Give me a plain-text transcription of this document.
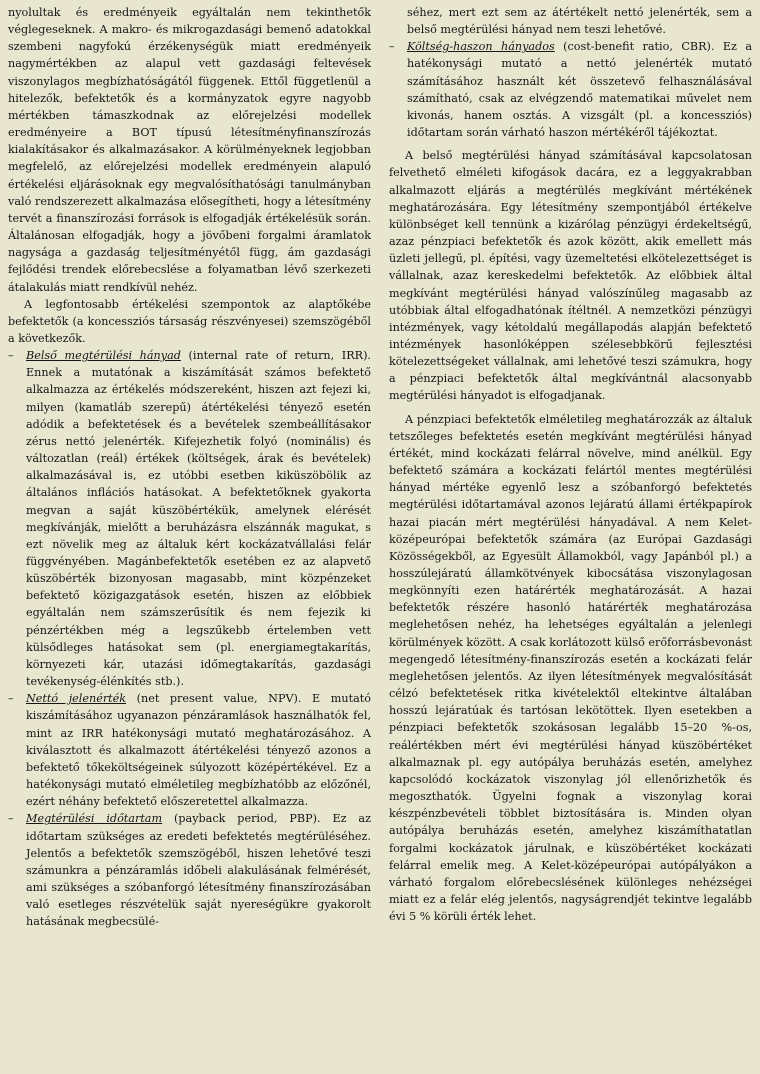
nyolultak és eredményeik egyáltalán nem tekinthetők véglegeseknek. A makro- és mikrogazdasági bemenő adatokkal szembeni nagyfokú érzékenységük miatt eredményeik nagymértékben az alapul vett gazdasági feltevések viszonylagos megbízhatóságától függenek. Ettől függetlenül a hitelezők, befektetők és a kormányzatok egyre nagyobb mértékben támaszkodnak az előrejelzési modellek eredményeire a BOT típusú létesítményfinanszírozás kialakításakor és alkalmazásakor. A körülményeknek legjobban megfelelő, az előrejelzési modellek eredményein alapuló értékelési eljárásoknak egy megvalósíthatósági tanulmányban való rendszerezett alkalmazása elősegítheti, hogy a létesítmény tervét a finanszírozási források is elfogadják értékelésük során. Általánosan elfogadják, hogy a jövőbeni forgalmi áramlatok nagysága a gazdaság teljesítményétől függ, ám gazdasági fejlődési trendek előrebecslése a folyamatban lévő szerkezeti átalakulás miatt rendkívül nehéz.

A legfontosabb értékelési szempontok az alaptőkébe befektetők (a koncessziós társaság részvényesei) szemszögéből a következők.

–	Belső megtérülési hányad (internal rate of return, IRR). Ennek a mutatónak a kiszámítását számos befektető alkalmazza az értékelés módszereként, hiszen azt fejezi ki, milyen (kamatláb szerepű) átértékelési tényező esetén adódik a befektetések és a bevételek szembeállításakor zérus nettó jelenérték. Kifejezhetik folyó (nominális) és változatlan (reál) értékek (költségek, árak és bevételek) alkalmazásával is, ez utóbbi esetben kiküszöbölik az általános inflációs hatásokat. A befektetőknek gyakorta megvan a saját küszöbértékük, amelynek elérését megkívánják, mielőtt a beruházásra elszánnák magukat, s ezt növelik meg az általuk kért kockázatvállalási felár függvényében. Magánbefektetők esetében ez az alapvető küszöbérték bizonyosan magasabb, mint közpénzeket befektető közigazgatások esetén, hiszen az előbbiek egyáltalán nem számszerűsítik és nem fejezik ki pénzértékben még a legszűkebb értelemben vett külsődleges hatásokat sem (pl. energiamegtakarítás, környezeti kár, utazási időmegtakarítás, gazdasági tevékenység-élénkítés stb.).

–	Nettó jelenérték (net present value, NPV). E mutató kiszámításához ugyanazon pénzáramlások használhatók fel, mint az IRR hatékonysági mutató meghatározásához. A kiválasztott és alkalmazott átértékelési tényező azonos a befektető tőkeköltségeinek súlyozott középértékével. Ez a hatékonysági mutató elméletileg megbízhatóbb az előzőnél, ezért néhány befektető előszeretettel alkalmazza.

–	Megtérülési időtartam (payback period, PBP). Ez az időtartam szükséges az eredeti befektetés megtérüléséhez. Jelentős a befektetők szemszögéből, hiszen lehetővé teszi számunkra a pénzáramlás időbeli alakulásának felmérését, ami szükséges a szóbanforgó létesítmény finanszírozásában való esetleges részvételük saját nyereségükre gyakorolt hatásának megbecsülé-

séhez, mert ezt sem az átértékelt nettó jelenérték, sem a belső megtérülési hányad nem teszi lehetővé.

–	Költség-haszon hányados (cost-benefit ratio, CBR). Ez a hatékonysági mutató a nettó jelenérték mutató számításához használt két összetevő felhasználásával számítható, csak az elvégzendő matematikai művelet nem kivonás, hanem osztás. A vizsgált (pl. a koncessziós) időtartam során várható haszon mértékéről tájékoztat.

A belső megtérülési hányad számításával kapcsolatosan felvethető elméleti kifogások dacára, ez a leggyakrabban alkalmazott eljárás a megtérülés megkívánt mértékének meghatározására. Egy létesítmény szempontjából értékelve különbséget kell tennünk a kizárólag pénzügyi érdekeltségű, azaz pénzpiaci befektetők és azok között, akik emellett más üzleti jellegű, pl. építési, vagy üzemeltetési elkötelezettséget is vállalnak, azaz kereskedelmi befektetők. Az előbbiek által megkívánt megtérülési hányad valószínűleg magasabb az utóbbiak által elfogadhatónak ítéltnél. A nemzetközi pénzügyi intézmények, vagy kétoldalú megállapodás alapján befektető intézmények hasonlóképpen szélesebbkörű fejlesztési kötelezettségeket vállalnak, ami lehetővé teszi számukra, hogy a pénzpiaci befektetők által megkívántnál alacsonyabb megtérülési hányadot is elfogadjanak.

A pénzpiaci befektetők elméletileg meghatározzák az általuk tetszőleges befektetés esetén megkívánt megtérülési hányad értékét, mind kockázati felárral növelve, mind anélkül. Egy befektető számára a kockázati felártól mentes megtérülési hányad mértéke egyenlő lesz a szóbanforgó befektetés megtérülési időtartamával azonos lejáratú állami értékpapírok hazai piacán mért megtérülési hányadával. A nem Kelet-középeurópai befektetők számára (az Európai Gazdasági Közösségekből, az Egyesült Államokból, vagy Japánból pl.) a hosszúlejáratú államkötvények kibocsátása viszonylagosan megkönnyíti ezen határérték meghatározását. A hazai befektetők részére hasonló határérték meghatározása meglehetősen nehéz, ha lehetséges egyáltalán a jelenlegi körülmények között. A csak korlátozott külső erőforrásbevonást megengedő létesítmény-finanszírozás esetén a kockázati felár meglehetősen jelentős. Az ilyen létesítmények megvalósítását célzó befektetések ritka kivételektől eltekintve általában hosszú lejáratúak és tartósan lekötöttek. Ilyen esetekben a pénzpiaci befektetők szokásosan legalább 15–20 %-os, reálértékben mért évi megtérülési hányad küszöbértéket alkalmaznak pl. egy autópálya beruházás esetén, amelyhez kapcsolódó kockázatok viszonylag jól ellenőrizhetők és megoszthatók. Ügyelni fognak a viszonylag korai készpénzbevételi többlet biztosítására is. Minden olyan autópálya beruházás esetén, amelyhez kiszámíthatatlan forgalmi kockázatok járulnak, e küszöbértéket kockázati felárral emelik meg. A Kelet-középeurópai autópályákon a várható forgalom előrebecslésének különleges nehézségei miatt ez a felár elég jelentős, nagyságrendjét tekintve legalább évi 5 % körüli érték lehet.
